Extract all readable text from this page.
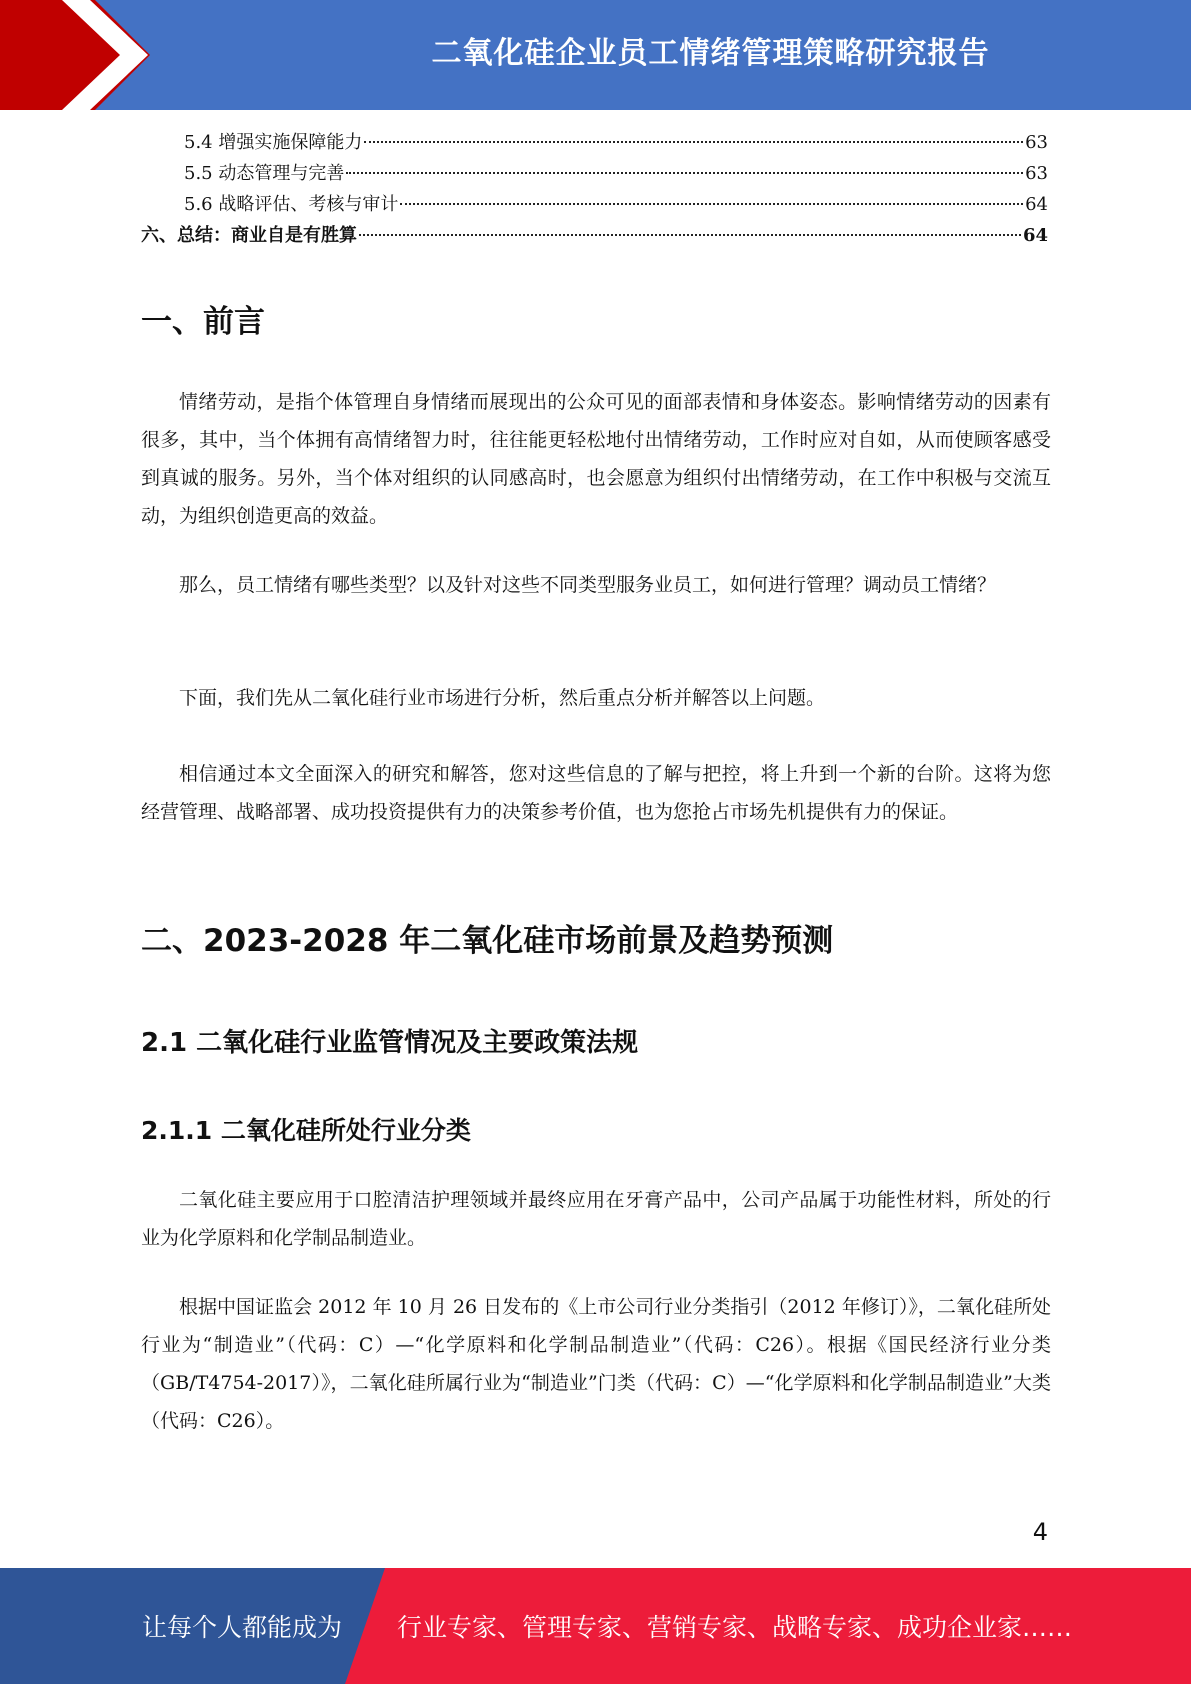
二氧化硅企业员工情绪管理策略研究报告
5.4 增强实施保障能力	63
5.5 动态管理与完善	63
5.6 战略评估、考核与审计	64
六、总结：商业自是有胜算	64
一、前言

情绪劳动，是指个体管理自身情绪而展现出的公众可见的面部表情和身体姿态。影响情绪劳动的因素有很多，其中，当个体拥有高情绪智力时，往往能更轻松地付出情绪劳动，工作时应对自如，从而使顾客感受到真诚的服务。另外，当个体对组织的认同感高时，也会愿意为组织付出情绪劳动，在工作中积极与交流互动，为组织创造更高的效益。

那么，员工情绪有哪些类型？以及针对这些不同类型服务业员工，如何进行管理？调动员工情绪？

下面，我们先从二氧化硅行业市场进行分析，然后重点分析并解答以上问题。

相信通过本文全面深入的研究和解答，您对这些信息的了解与把控，将上升到一个新的台阶。这将为您经营管理、战略部署、成功投资提供有力的决策参考价值，也为您抢占市场先机提供有力的保证。

二、2023-2028 年二氧化硅市场前景及趋势预测
2.1 二氧化硅行业监管情况及主要政策法规
2.1.1 二氧化硅所处行业分类

二氧化硅主要应用于口腔清洁护理领域并最终应用在牙膏产品中，公司产品属于功能性材料，所处的行业为化学原料和化学制品制造业。

根据中国证监会 2012 年 10 月 26 日发布的《上市公司行业分类指引（2012 年修订）》，二氧化硅所处行业为“制造业”（代码：C）—“化学原料和化学制品制造业”（代码：C26）。根据《国民经济行业分类（GB/T4754-2017）》，二氧化硅所属行业为“制造业”门类（代码：C）—“化学原料和化学制品制造业”大类（代码：C26）。

4
让每个人都能成为 行业专家、管理专家、营销专家、战略专家、成功企业家……
